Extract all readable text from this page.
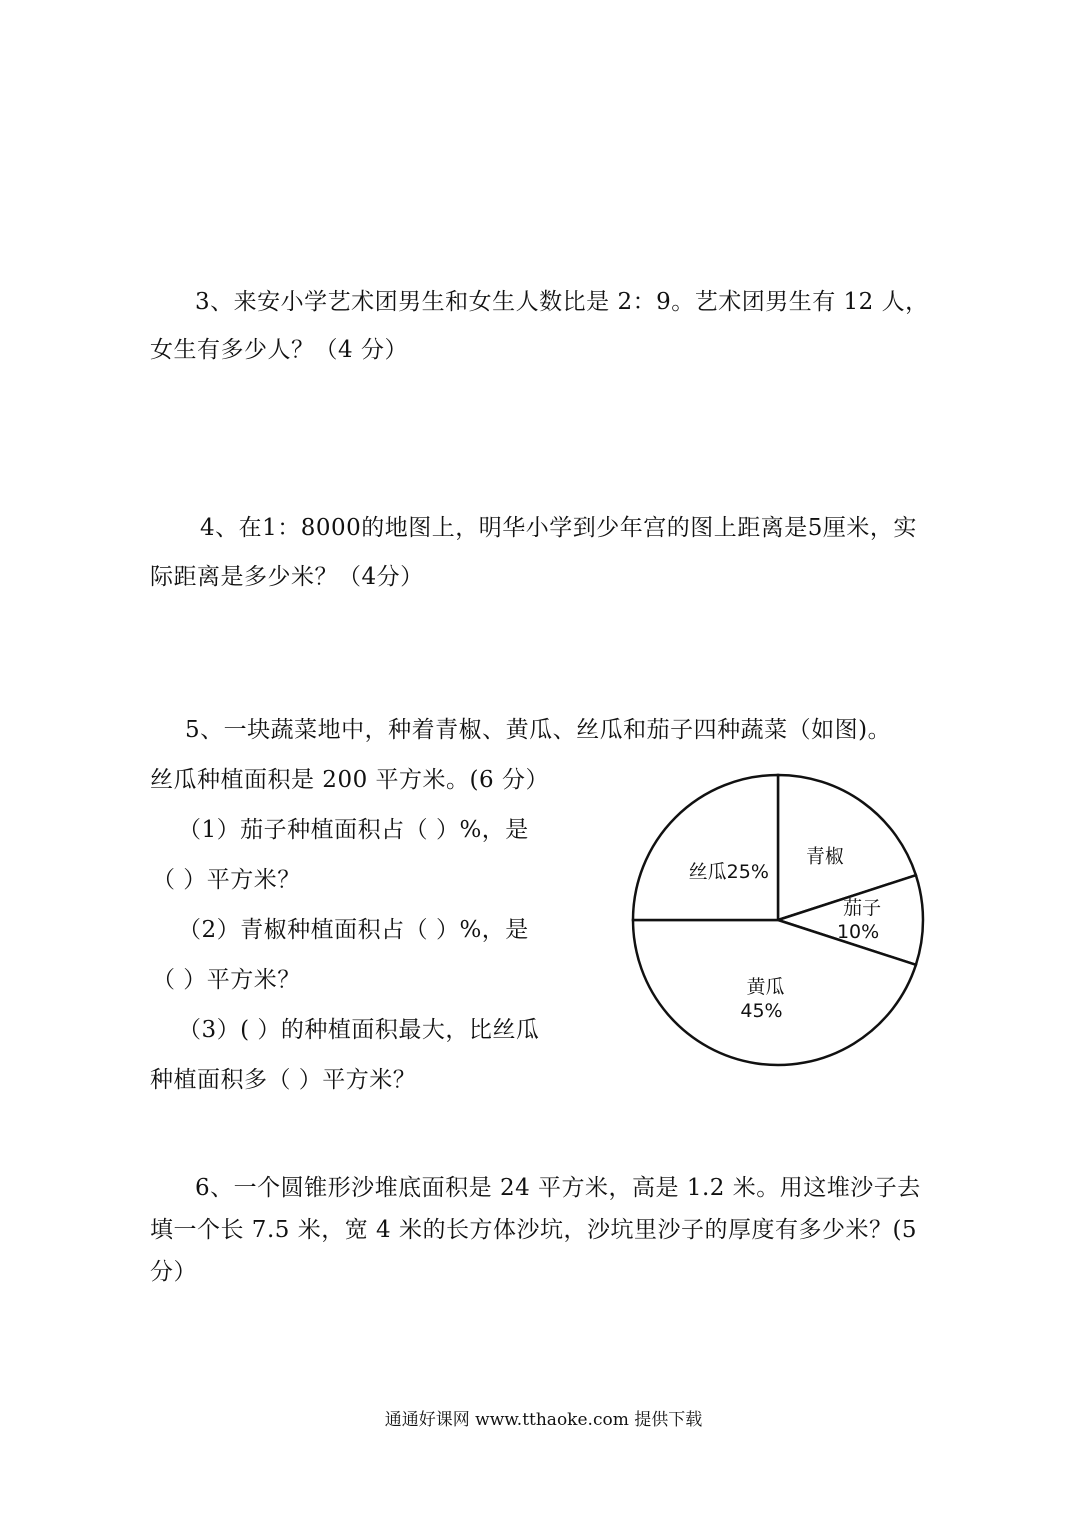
3、来安小学艺术团男生和女生人数比是 2：9。艺术团男生有 12 人，
女生有多少人？（4 分）
4、在1：8000的地图上，明华小学到少年宫的图上距离是5厘米，实
际距离是多少米？（4分）
5、一块蔬菜地中，种着青椒、黄瓜、丝瓜和茄子四种蔬菜（如图)。
丝瓜种植面积是 200 平方米。(6 分）
（1）茄子种植面积占（ ）%，是
（ ）平方米？
（2）青椒种植面积占（ ）%，是
（ ）平方米？
（3）( ）的种植面积最大，比丝瓜
种植面积多（ ）平方米？
青椒
茄子
10%
黄瓜
45%
丝瓜25%
6、一个圆锥形沙堆底面积是 24 平方米，高是 1.2 米。用这堆沙子去
填一个长 7.5 米，宽 4 米的长方体沙坑，沙坑里沙子的厚度有多少米？(5
分）
通通好课网 www.tthaoke.com 提供下载
